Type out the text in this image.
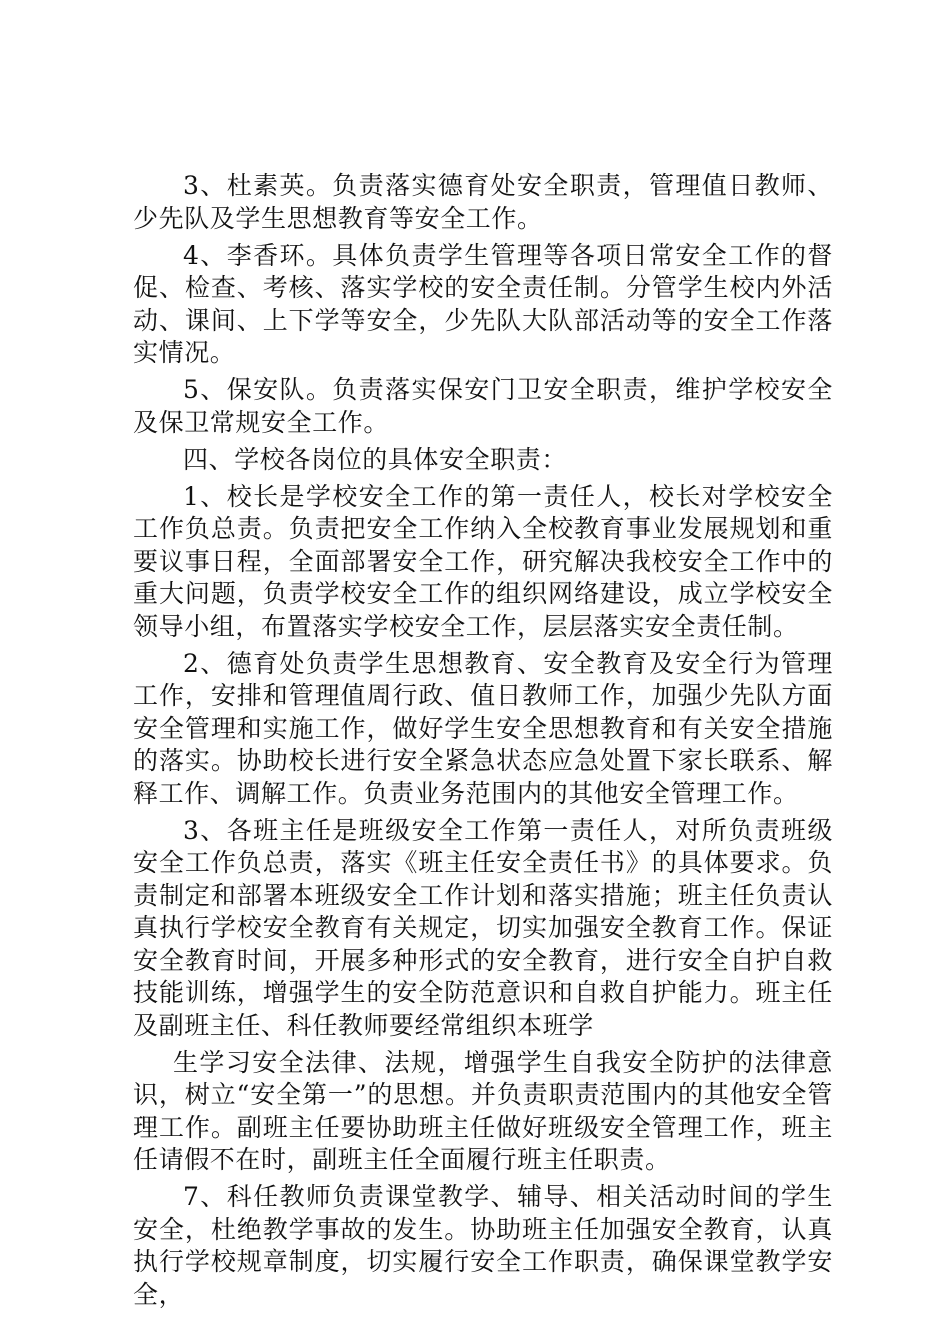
3、杜素英。负责落实德育处安全职责，管理值日教师、少先队及学生思想教育等安全工作。

4、李香环。具体负责学生管理等各项日常安全工作的督促、检查、考核、落实学校的安全责任制。分管学生校内外活动、课间、上下学等安全，少先队大队部活动等的安全工作落实情况。

5、保安队。负责落实保安门卫安全职责，维护学校安全及保卫常规安全工作。

四、学校各岗位的具体安全职责：

1、校长是学校安全工作的第一责任人，校长对学校安全工作负总责。负责把安全工作纳入全校教育事业发展规划和重要议事日程，全面部署安全工作，研究解决我校安全工作中的重大问题，负责学校安全工作的组织网络建设，成立学校安全领导小组，布置落实学校安全工作，层层落实安全责任制。

2、德育处负责学生思想教育、安全教育及安全行为管理工作，安排和管理值周行政、值日教师工作，加强少先队方面安全管理和实施工作，做好学生安全思想教育和有关安全措施的落实。协助校长进行安全紧急状态应急处置下家长联系、解释工作、调解工作。负责业务范围内的其他安全管理工作。

3、各班主任是班级安全工作第一责任人，对所负责班级安全工作负总责，落实《班主任安全责任书》的具体要求。负责制定和部署本班级安全工作计划和落实措施；班主任负责认真执行学校安全教育有关规定，切实加强安全教育工作。保证安全教育时间，开展多种形式的安全教育，进行安全自护自救技能训练，增强学生的安全防范意识和自救自护能力。班主任及副班主任、科任教师要经常组织本班学

生学习安全法律、法规，增强学生自我安全防护的法律意识，树立“安全第一”的思想。并负责职责范围内的其他安全管理工作。副班主任要协助班主任做好班级安全管理工作，班主任请假不在时，副班主任全面履行班主任职责。

7、科任教师负责课堂教学、辅导、相关活动时间的学生安全，杜绝教学事故的发生。协助班主任加强安全教育，认真执行学校规章制度，切实履行安全工作职责，确保课堂教学安全，
